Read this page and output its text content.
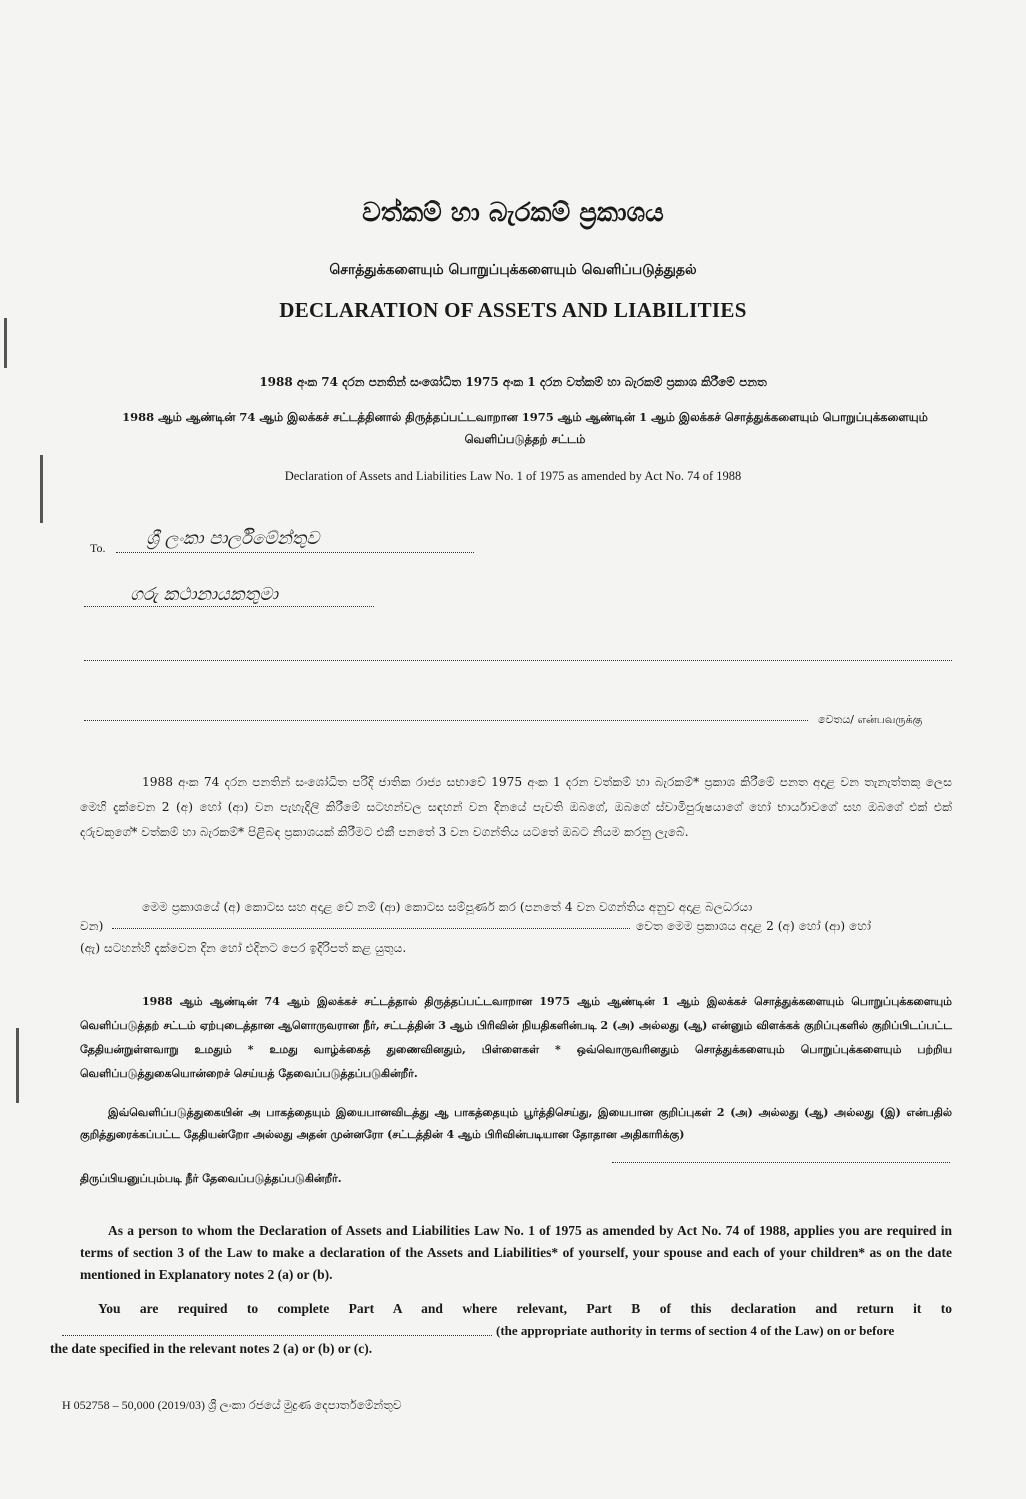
වත්කම් හා බැරකම් ප්‍රකාශය
சொத்துக்களையும் பொறுப்புக்களையும் வெளிப்படுத்துதல்
DECLARATION OF ASSETS AND LIABILITIES
1988 අංක 74 දරන පනතින් සංශෝධිත 1975 අංක 1 දරන වත්කම් හා බැරකම් ප්‍රකාශ කිරීමේ පනත
1988 ஆம் ஆண்டின் 74 ஆம் இலக்கச் சட்டத்தினால் திருத்தப்பட்டவாறான 1975 ஆம் ஆண்டின் 1 ஆம் இலக்கச் சொத்துக்களையும் பொறுப்புக்களையும் வெளிப்படுத்தற் சட்டம்
Declaration of Assets and Liabilities Law No. 1 of 1975 as amended by Act No. 74 of 1988
To. ශ්‍රී ලංකා පාර්ලිමේන්තුව
ගරු කථානායකතුමා
වෙතය/ என்பவருக்கு
1988 අංක 74 දරන පනතින් සංශෝධිත පරිදි ජාතික රාජ්‍ය සභාවේ 1975 අංක 1 දරන වත්කම් හා බැරකම්* ප්‍රකාශ කිරීමේ පනත අදාළ වන තැනැත්තකු ලෙස මෙහි දැක්වෙන 2 (අ) හෝ (ආ) වන පැහැදිලි කිරීමේ සටහන්වල සඳහන් වන දිනයේ පැවති ඔබගේ, ඔබගේ ස්වාමිපුරුෂයාගේ හෝ භාර්යාවගේ සහ ඔබගේ එක් එක් දරුවකුගේ* වත්කම් හා බැරකම්* පිළිබඳ ප්‍රකාශයක් කිරීමට එකී පනතේ 3 වන වගන්තිය යටතේ ඔබට නියම කරනු ලැබේ.
මෙම ප්‍රකාශයේ (අ) කොටස සහ අදාළ වේ නම් (ආ) කොටස සම්පූර්ණ කර (පනතේ 4 වන වගන්තිය අනුව අදාළ බලධරයා
වන)	වෙත මෙම ප්‍රකාශය අදාළ 2 (අ) හෝ (ආ) හෝ
(ඇ) සටහන්හි දැක්වෙන දින හෝ එදිනට පෙර ඉදිරිපත් කළ යුතුය.
1988 ஆம் ஆண்டின் 74 ஆம் இலக்கச் சட்டத்தால் திருத்தப்பட்டவாறான 1975 ஆம் ஆண்டின் 1 ஆம் இலக்கச் சொத்துக்களையும் பொறுப்புக்களையும் வெளிப்படுத்தற் சட்டம் ஏற்புடைத்தான ஆளொருவரான நீர், சட்டத்தின் 3 ஆம் பிரிவின் நியதிகளின்படி 2 (அ) அல்லது (ஆ) என்னும் விளக்கக் குறிப்புகளில் குறிப்பிடப்பட்ட தேதியன்றுள்ளவாறு உமதும் * உமது வாழ்க்கைத் துணைவினதும், பிள்ளைகள் * ஒவ்வொருவரினதும் சொத்துக்களையும் பொறுப்புக்களையும் பற்றிய வெளிப்படுத்துகையொன்றைச் செய்யத் தேவைப்படுத்தப்படுகின்றீர்.
இவ்வெளிப்படுத்துகையின் அ பாகத்தையும் இயைபானவிடத்து ஆ பாகத்தையும் பூர்த்திசெய்து, இயைபான குறிப்புகள் 2 (அ) அல்லது (ஆ) அல்லது (இ) என்பதில் குறித்துரைக்கப்பட்ட தேதியன்றோ அல்லது அதன் முன்னரோ (சட்டத்தின் 4 ஆம் பிரிவின்படியான தோதான அதிகாரிக்கு)
திருப்பியனுப்பும்படி நீர் தேவைப்படுத்தப்படுகின்றீர்.
As a person to whom the Declaration of Assets and Liabilities Law No. 1 of 1975 as amended by Act No. 74 of 1988, applies you are required in terms of section 3 of the Law to make a declaration of the Assets and Liabilities* of yourself, your spouse and each of your children* as on the date mentioned in Explanatory notes 2 (a) or (b).
You are required to complete Part A and where relevant, Part B of this declaration and return it to
(the appropriate authority in terms of section 4 of the Law) on or before
the date specified in the relevant notes 2 (a) or (b) or (c).
H 052758 – 50,000 (2019/03) ශ්‍රී ලංකා රජයේ මුද්‍රණ දෙපාර්තමේන්තුව
